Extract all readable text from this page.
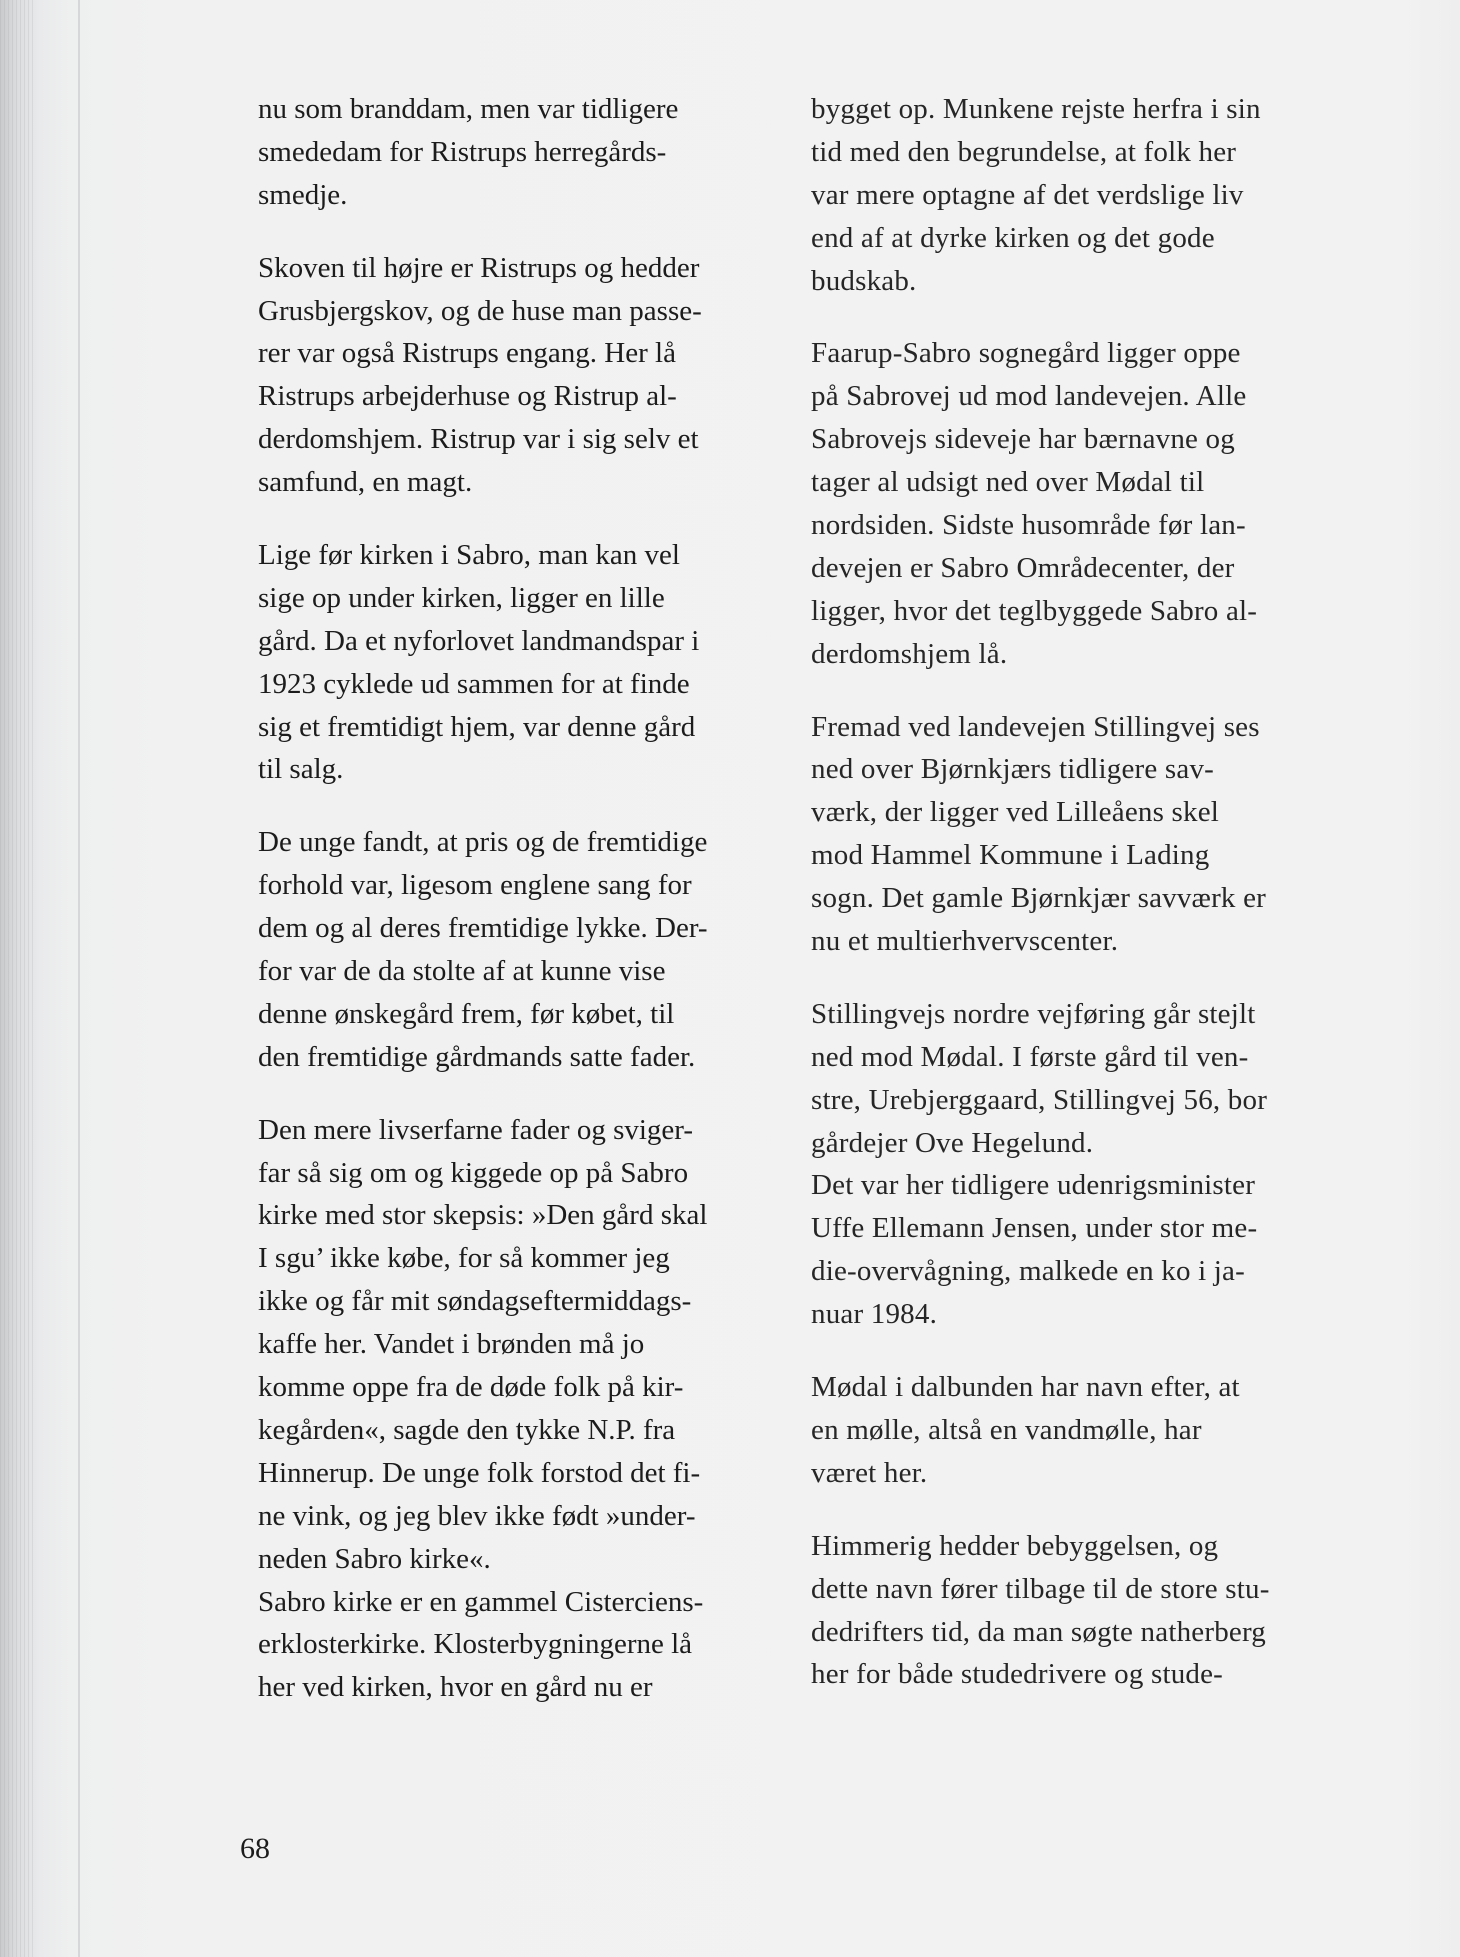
nu som branddam, men var tidligere
smededam for Ristrups herregårds-
smedje.
Skoven til højre er Ristrups og hedder
Grusbjergskov, og de huse man passe-
rer var også Ristrups engang. Her lå
Ristrups arbejderhuse og Ristrup al-
derdomshjem. Ristrup var i sig selv et
samfund, en magt.
Lige før kirken i Sabro, man kan vel
sige op under kirken, ligger en lille
gård. Da et nyforlovet landmandspar i
1923 cyklede ud sammen for at finde
sig et fremtidigt hjem, var denne gård
til salg.
De unge fandt, at pris og de fremtidige
forhold var, ligesom englene sang for
dem og al deres fremtidige lykke. Der-
for var de da stolte af at kunne vise
denne ønskegård frem, før købet, til
den fremtidige gårdmands satte fader.
Den mere livserfarne fader og sviger-
far så sig om og kiggede op på Sabro
kirke med stor skepsis: »Den gård skal
I sgu’ ikke købe, for så kommer jeg
ikke og får mit søndagseftermiddags-
kaffe her. Vandet i brønden må jo
komme oppe fra de døde folk på kir-
kegården«, sagde den tykke N.P. fra
Hinnerup. De unge folk forstod det fi-
ne vink, og jeg blev ikke født »under-
neden Sabro kirke«.
Sabro kirke er en gammel Cisterciens-
erklosterkirke. Klosterbygningerne lå
her ved kirken, hvor en gård nu er
bygget op. Munkene rejste herfra i sin
tid med den begrundelse, at folk her
var mere optagne af det verdslige liv
end af at dyrke kirken og det gode
budskab.
Faarup-Sabro sognegård ligger oppe
på Sabrovej ud mod landevejen. Alle
Sabrovejs sideveje har bærnavne og
tager al udsigt ned over Mødal til
nordsiden. Sidste husområde før lan-
devejen er Sabro Områdecenter, der
ligger, hvor det teglbyggede Sabro al-
derdomshjem lå.
Fremad ved landevejen Stillingvej ses
ned over Bjørnkjærs tidligere sav-
værk, der ligger ved Lilleåens skel
mod Hammel Kommune i Lading
sogn. Det gamle Bjørnkjær savværk er
nu et multierhvervscenter.
Stillingvejs nordre vejføring går stejlt
ned mod Mødal. I første gård til ven-
stre, Urebjerggaard, Stillingvej 56, bor
gårdejer Ove Hegelund.
Det var her tidligere udenrigsminister
Uffe Ellemann Jensen, under stor me-
die-overvågning, malkede en ko i ja-
nuar 1984.
Mødal i dalbunden har navn efter, at
en mølle, altså en vandmølle, har
været her.
Himmerig hedder bebyggelsen, og
dette navn fører tilbage til de store stu-
dedrifters tid, da man søgte natherberg
her for både studedrivere og stude-
68
